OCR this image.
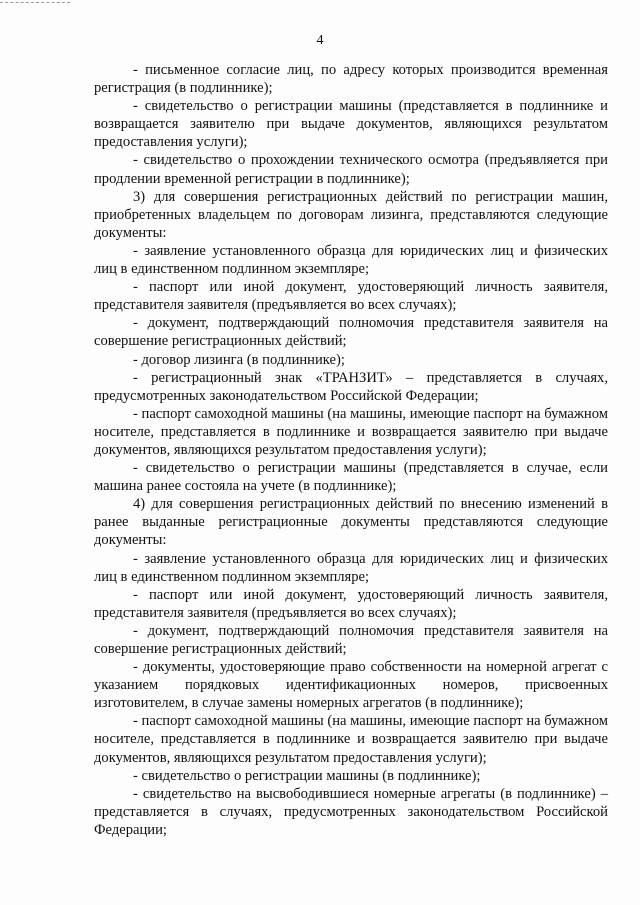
4

- письменное согласие лиц, по адресу которых производится временная регистрация (в подлиннике);

- свидетельство о регистрации машины (представляется в подлиннике и возвращается заявителю при выдаче документов, являющихся результатом предоставления услуги);

- свидетельство о прохождении технического осмотра (предъявляется при продлении временной регистрации в подлиннике);

3) для совершения регистрационных действий по регистрации машин, приобретенных владельцем по договорам лизинга, представляются следующие документы:

- заявление установленного образца для юридических лиц и физических лиц в единственном подлинном экземпляре;

- паспорт или иной документ, удостоверяющий личность заявителя, представителя заявителя (предъявляется во всех случаях);

- документ, подтверждающий полномочия представителя заявителя на совершение регистрационных действий;

- договор лизинга (в подлиннике);

- регистрационный знак «ТРАНЗИТ» – представляется в случаях, предусмотренных законодательством Российской Федерации;

- паспорт самоходной машины (на машины, имеющие паспорт на бумажном носителе, представляется в подлиннике и возвращается заявителю при выдаче документов, являющихся результатом предоставления услуги);

- свидетельство о регистрации машины (представляется в случае, если машина ранее состояла на учете (в подлиннике);

4) для совершения регистрационных действий по внесению изменений в ранее выданные регистрационные документы представляются следующие документы:

- заявление установленного образца для юридических лиц и физических лиц в единственном подлинном экземпляре;

- паспорт или иной документ, удостоверяющий личность заявителя, представителя заявителя (предъявляется во всех случаях);

- документ, подтверждающий полномочия представителя заявителя на совершение регистрационных действий;

- документы, удостоверяющие право собственности на номерной агрегат с указанием порядковых идентификационных номеров, присвоенных изготовителем, в случае замены номерных агрегатов (в подлиннике);

- паспорт самоходной машины (на машины, имеющие паспорт на бумажном носителе, представляется в подлиннике и возвращается заявителю при выдаче документов, являющихся результатом предоставления услуги);

- свидетельство о регистрации машины (в подлиннике);

- свидетельство на высвободившиеся номерные агрегаты (в подлиннике) – представляется в случаях, предусмотренных законодательством Российской Федерации;
